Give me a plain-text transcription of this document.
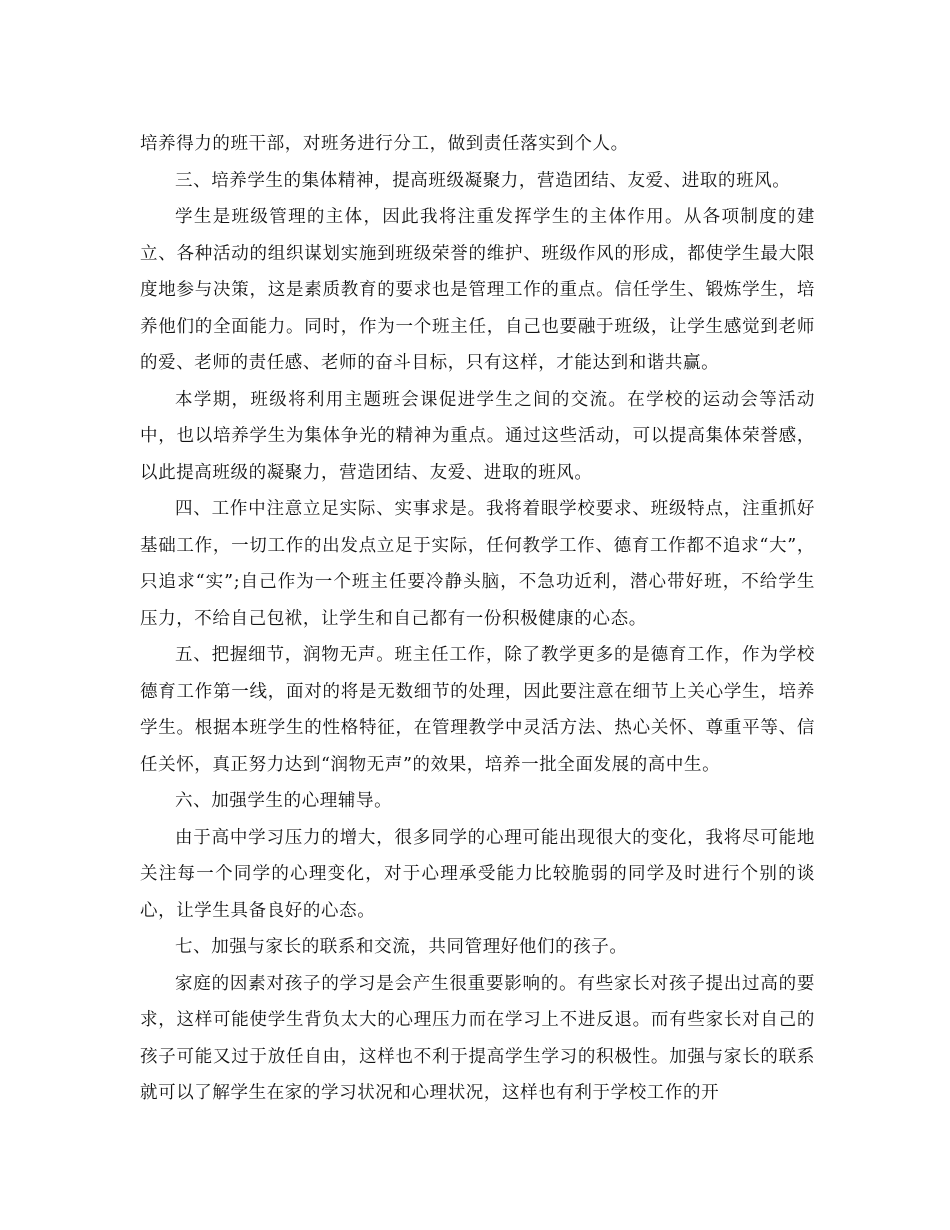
培养得力的班干部，对班务进行分工，做到责任落实到个人。

三、培养学生的集体精神，提高班级凝聚力，营造团结、友爱、进取的班风。

学生是班级管理的主体，因此我将注重发挥学生的主体作用。从各项制度的建立、各种活动的组织谋划实施到班级荣誉的维护、班级作风的形成，都使学生最大限度地参与决策，这是素质教育的要求也是管理工作的重点。信任学生、锻炼学生，培养他们的全面能力。同时，作为一个班主任，自己也要融于班级，让学生感觉到老师的爱、老师的责任感、老师的奋斗目标，只有这样，才能达到和谐共赢。

本学期，班级将利用主题班会课促进学生之间的交流。在学校的运动会等活动中，也以培养学生为集体争光的精神为重点。通过这些活动，可以提高集体荣誉感，以此提高班级的凝聚力，营造团结、友爱、进取的班风。

四、工作中注意立足实际、实事求是。我将着眼学校要求、班级特点，注重抓好基础工作，一切工作的出发点立足于实际，任何教学工作、德育工作都不追求“大”，只追求“实”;自己作为一个班主任要冷静头脑，不急功近利，潜心带好班，不给学生压力，不给自己包袱，让学生和自己都有一份积极健康的心态。

五、把握细节，润物无声。班主任工作，除了教学更多的是德育工作，作为学校德育工作第一线，面对的将是无数细节的处理，因此要注意在细节上关心学生，培养学生。根据本班学生的性格特征，在管理教学中灵活方法、热心关怀、尊重平等、信任关怀，真正努力达到“润物无声”的效果，培养一批全面发展的高中生。

六、加强学生的心理辅导。

由于高中学习压力的增大，很多同学的心理可能出现很大的变化，我将尽可能地关注每一个同学的心理变化，对于心理承受能力比较脆弱的同学及时进行个别的谈心，让学生具备良好的心态。

七、加强与家长的联系和交流，共同管理好他们的孩子。

家庭的因素对孩子的学习是会产生很重要影响的。有些家长对孩子提出过高的要求，这样可能使学生背负太大的心理压力而在学习上不进反退。而有些家长对自己的孩子可能又过于放任自由，这样也不利于提高学生学习的积极性。加强与家长的联系就可以了解学生在家的学习状况和心理状况，这样也有利于学校工作的开
